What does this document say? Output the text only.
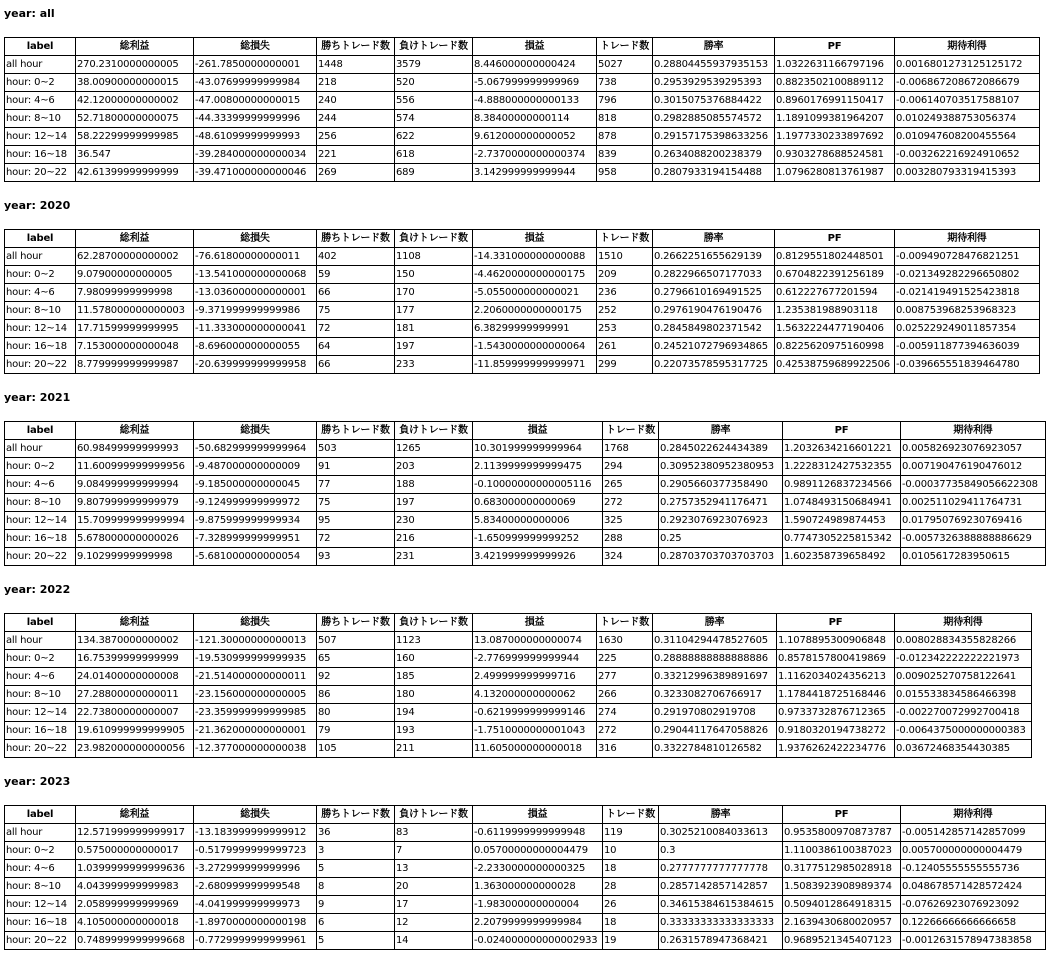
year: all
label	総利益	総損失	勝ちトレード数	負けトレード数	損益	トレード数	勝率	PF	期待利得
all hour	270.2310000000005	-261.7850000000001	1448	3579	8.446000000000424	5027	0.28804455937935153	1.0322631166797196	0.0016801273125125172
hour: 0~2	38.00900000000015	-43.07699999999984	218	520	-5.067999999999969	738	0.2953929539295393	0.8823502100889112	-0.006867208672086679
hour: 4~6	42.12000000000002	-47.00800000000015	240	556	-4.888000000000133	796	0.3015075376884422	0.8960176991150417	-0.006140703517588107
hour: 8~10	52.71800000000075	-44.33399999999996	244	574	8.38400000000114	818	0.2982885085574572	1.1891099381964207	0.010249388753056374
hour: 12~14	58.22299999999985	-48.61099999999993	256	622	9.612000000000052	878	0.29157175398633256	1.1977330233897692	0.010947608200455564
hour: 16~18	36.547	-39.284000000000034	221	618	-2.7370000000000374	839	0.2634088200238379	0.9303278688524581	-0.003262216924910652
hour: 20~22	42.61399999999999	-39.471000000000046	269	689	3.142999999999944	958	0.2807933194154488	1.0796280813761987	0.003280793319415393
year: 2020
label	総利益	総損失	勝ちトレード数	負けトレード数	損益	トレード数	勝率	PF	期待利得
all hour	62.28700000000002	-76.61800000000011	402	1108	-14.331000000000088	1510	0.2662251655629139	0.8129551802448501	-0.009490728476821251
hour: 0~2	9.07900000000005	-13.541000000000068	59	150	-4.4620000000000175	209	0.2822966507177033	0.6704822391256189	-0.021349282296650802
hour: 4~6	7.98099999999998	-13.036000000000001	66	170	-5.055000000000021	236	0.2796610169491525	0.612227677201594	-0.021419491525423818
hour: 8~10	11.578000000000003	-9.371999999999986	75	177	2.2060000000000175	252	0.2976190476190476	1.235381988903118	0.008753968253968323
hour: 12~14	17.71599999999995	-11.333000000000041	72	181	6.38299999999991	253	0.2845849802371542	1.5632224477190406	0.025229249011857354
hour: 16~18	7.153000000000048	-8.696000000000055	64	197	-1.5430000000000064	261	0.24521072796934865	0.8225620975160998	-0.005911877394636039
hour: 20~22	8.779999999999987	-20.639999999999958	66	233	-11.859999999999971	299	0.22073578595317725	0.42538759689922506	-0.039665551839464780
year: 2021
label	総利益	総損失	勝ちトレード数	負けトレード数	損益	トレード数	勝率	PF	期待利得
all hour	60.98499999999993	-50.682999999999964	503	1265	10.301999999999964	1768	0.2845022624434389	1.2032634216601221	0.005826923076923057
hour: 0~2	11.600999999999956	-9.487000000000009	91	203	2.1139999999999475	294	0.30952380952380953	1.2228312427532355	0.007190476190476012
hour: 4~6	9.084999999999994	-9.185000000000045	77	188	-0.10000000000005116	265	0.2905660377358490	0.9891126837234566	-0.00037735849056622308
hour: 8~10	9.807999999999979	-9.124999999999972	75	197	0.683000000000069	272	0.2757352941176471	1.0748493150684941	0.002511029411764731
hour: 12~14	15.709999999999994	-9.875999999999934	95	230	5.83400000000006	325	0.2923076923076923	1.590724989874453	0.017950769230769416
hour: 16~18	5.678000000000026	-7.328999999999951	72	216	-1.650999999999252	288	0.25	0.7747305225815342	-0.0057326388888886629
hour: 20~22	9.10299999999998	-5.681000000000054	93	231	3.421999999999926	324	0.28703703703703703	1.602358739658492	0.0105617283950615
year: 2022
label	総利益	総損失	勝ちトレード数	負けトレード数	損益	トレード数	勝率	PF	期待利得
all hour	134.3870000000002	-121.30000000000013	507	1123	13.087000000000074	1630	0.31104294478527605	1.1078895300906848	0.008028834355828266
hour: 0~2	16.75399999999999	-19.530999999999935	65	160	-2.776999999999944	225	0.28888888888888886	0.8578157800419869	-0.012342222222221973
hour: 4~6	24.01400000000008	-21.514000000000011	92	185	2.499999999999716	277	0.33212996389891697	1.1162034024356213	0.009025270758122641
hour: 8~10	27.28800000000011	-23.156000000000005	86	180	4.132000000000062	266	0.3233082706766917	1.1784418725168446	0.015533834586466398
hour: 12~14	22.73800000000007	-23.359999999999985	80	194	-0.6219999999999146	274	0.291970802919708	0.9733732876712365	-0.002270072992700418
hour: 16~18	19.610999999999905	-21.362000000000001	79	193	-1.7510000000001043	272	0.29044117647058826	0.9180320194738272	-0.0064375000000000383
hour: 20~22	23.982000000000056	-12.377000000000038	105	211	11.605000000000018	316	0.3322784810126582	1.9376262422234776	0.03672468354430385
year: 2023
label	総利益	総損失	勝ちトレード数	負けトレード数	損益	トレード数	勝率	PF	期待利得
all hour	12.571999999999917	-13.183999999999912	36	83	-0.6119999999999948	119	0.3025210084033613	0.9535800970873787	-0.005142857142857099
hour: 0~2	0.575000000000017	-0.5179999999999723	3	7	0.05700000000004479	10	0.3	1.1100386100387023	0.005700000000004479
hour: 4~6	1.0399999999999636	-3.272999999999996	5	13	-2.2330000000000325	18	0.2777777777777778	0.3177512985028918	-0.12405555555555736
hour: 8~10	4.043999999999983	-2.680999999999548	8	20	1.363000000000028	28	0.2857142857142857	1.5083923908989374	0.048678571428572424
hour: 12~14	2.058999999999969	-4.041999999999973	9	17	-1.983000000000004	26	0.34615384615384615	0.5094012864918315	-0.07626923076923092
hour: 16~18	4.105000000000018	-1.8970000000000198	6	12	2.2079999999999984	18	0.33333333333333333	2.1639430680020957	0.12266666666666658
hour: 20~22	0.7489999999999668	-0.7729999999999961	5	14	-0.024000000000002933	19	0.2631578947368421	0.9689521345407123	-0.0012631578947383858
